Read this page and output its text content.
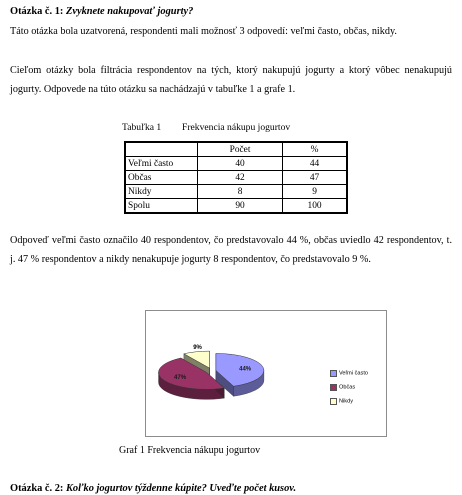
Otázka č. 1: Zvyknete nakupovať jogurty?
Táto otázka bola uzatvorená, respondenti mali možnosť 3 odpovedí: veľmi často, občas, nikdy.
Cieľom otázky bola filtrácia respondentov na tých, ktorý nakupujú jogurty a ktorý vôbec nenakupujú jogurty. Odpovede na túto otázku sa nachádzajú v tabuľke 1 a grafe 1.
Tabuľka 1 Frekvencia nákupu jogurtov
	Počet	%
Veľmi často	40	44
Občas	42	47
Nikdy	8	9
Spolu	90	100
Odpoveď veľmi často označilo 40 respondentov, čo predstavovalo 44 %, občas uviedlo 42 respondentov, t. j. 47 % respondentov a nikdy nenakupuje jogurty 8 respondentov, čo predstavovalo 9 %.
44%
47%
9%
Veľmi často
Občas
Nikdy
Graf 1 Frekvencia nákupu jogurtov
Otázka č. 2: Koľko jogurtov týždenne kúpite? Uveďte počet kusov.
